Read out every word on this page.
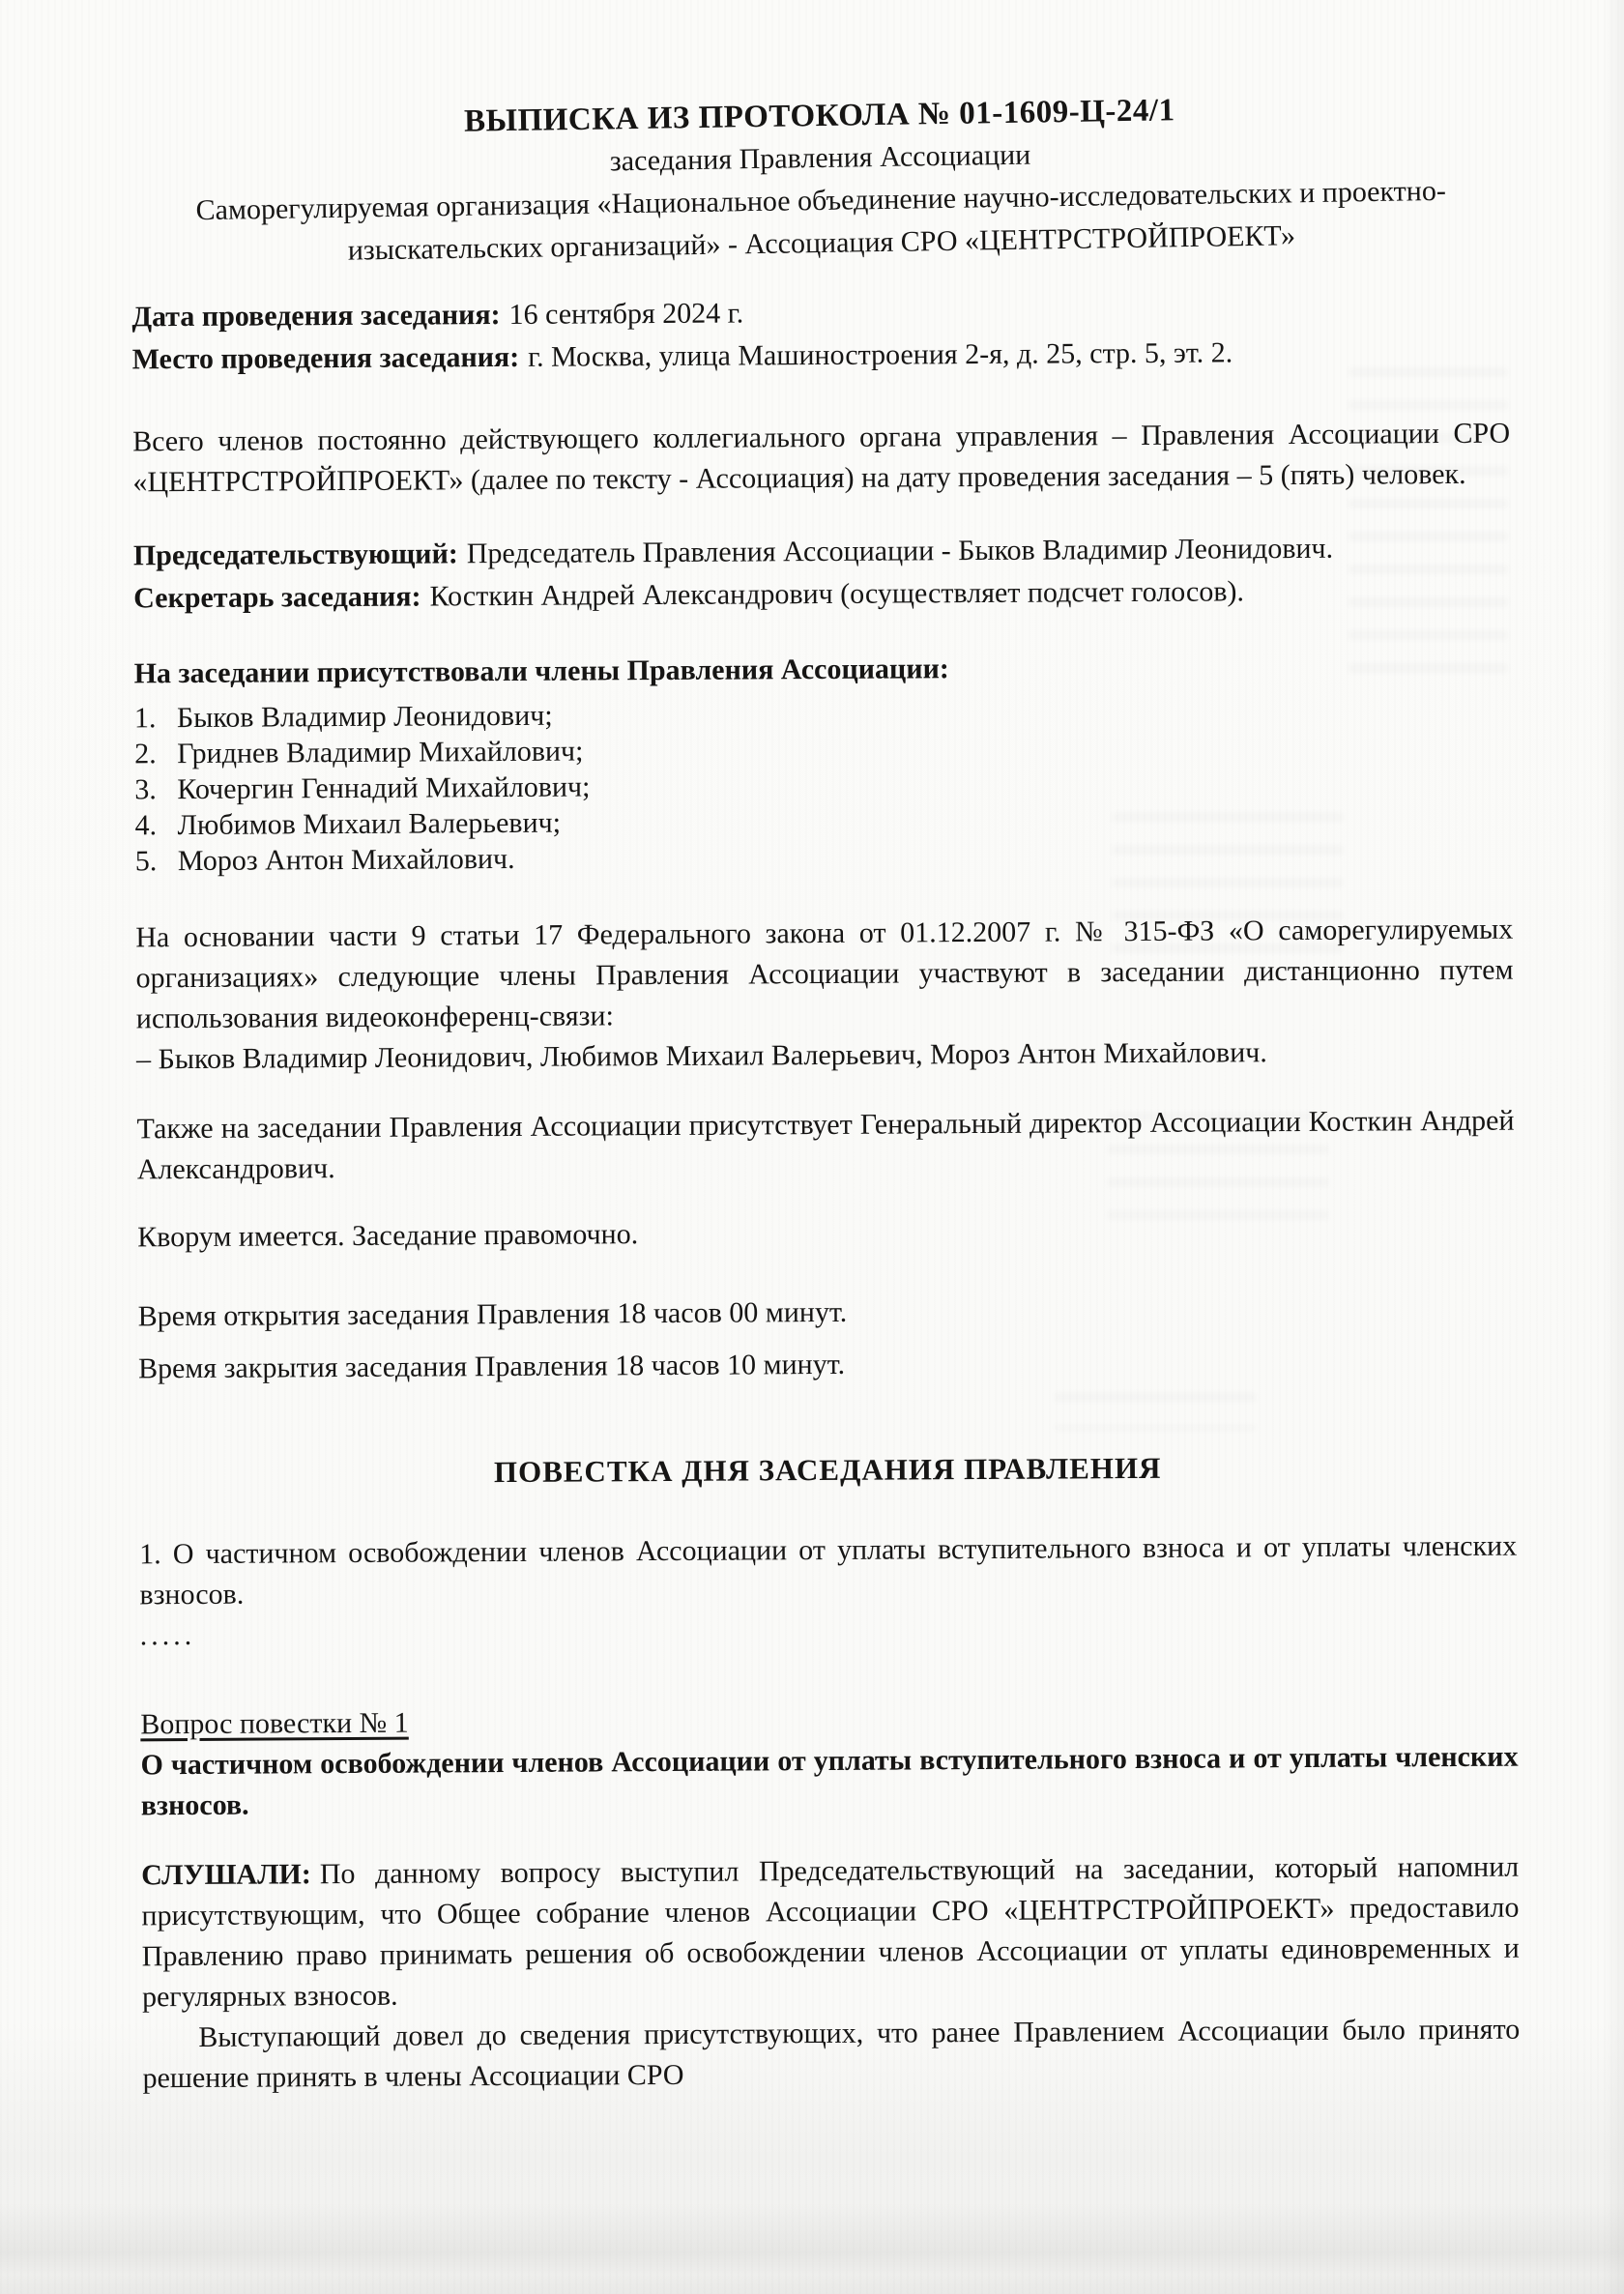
ВЫПИСКА ИЗ ПРОТОКОЛА № 01-1609-Ц-24/1

заседания Правления Ассоциации

Саморегулируемая организация «Национальное объединение научно-исследовательских и проектно-изыскательских организаций» - Ассоциация СРО «ЦЕНТРСТРОЙПРОЕКТ»

Дата проведения заседания: 16 сентября 2024 г.

Место проведения заседания: г. Москва, улица Машиностроения 2-я, д. 25, стр. 5, эт. 2.

Всего членов постоянно действующего коллегиального органа управления – Правления Ассоциации СРО «ЦЕНТРСТРОЙПРОЕКТ» (далее по тексту - Ассоциация) на дату проведения заседания – 5 (пять) человек.

Председательствующий: Председатель Правления Ассоциации - Быков Владимир Леонидович.

Секретарь заседания: Косткин Андрей Александрович (осуществляет подсчет голосов).

На заседании присутствовали члены Правления Ассоциации:

1. Быков Владимир Леонидович;

2. Гриднев Владимир Михайлович;

3. Кочергин Геннадий Михайлович;

4. Любимов Михаил Валерьевич;

5. Мороз Антон Михайлович.

На основании части 9 статьи 17 Федерального закона от 01.12.2007 г. № 315-ФЗ «О саморегулируемых организациях» следующие члены Правления Ассоциации участвуют в заседании дистанционно путем использования видеоконференц-связи:

– Быков Владимир Леонидович, Любимов Михаил Валерьевич, Мороз Антон Михайлович.

Также на заседании Правления Ассоциации присутствует Генеральный директор Ассоциации Косткин Андрей Александрович.

Кворум имеется. Заседание правомочно.

Время открытия заседания Правления 18 часов 00 минут.

Время закрытия заседания Правления 18 часов 10 минут.

ПОВЕСТКА ДНЯ ЗАСЕДАНИЯ ПРАВЛЕНИЯ

1. О частичном освобождении членов Ассоциации от уплаты вступительного взноса и от уплаты членских взносов.

.....

Вопрос повестки № 1

О частичном освобождении членов Ассоциации от уплаты вступительного взноса и от уплаты членских взносов.

СЛУШАЛИ: По данному вопросу выступил Председательствующий на заседании, который напомнил присутствующим, что Общее собрание членов Ассоциации СРО «ЦЕНТРСТРОЙПРОЕКТ» предоставило Правлению право принимать решения об освобождении членов Ассоциации от уплаты единовременных и регулярных взносов.

Выступающий довел до сведения присутствующих, что ранее Правлением Ассоциации было принято решение принять в члены Ассоциации СРО
